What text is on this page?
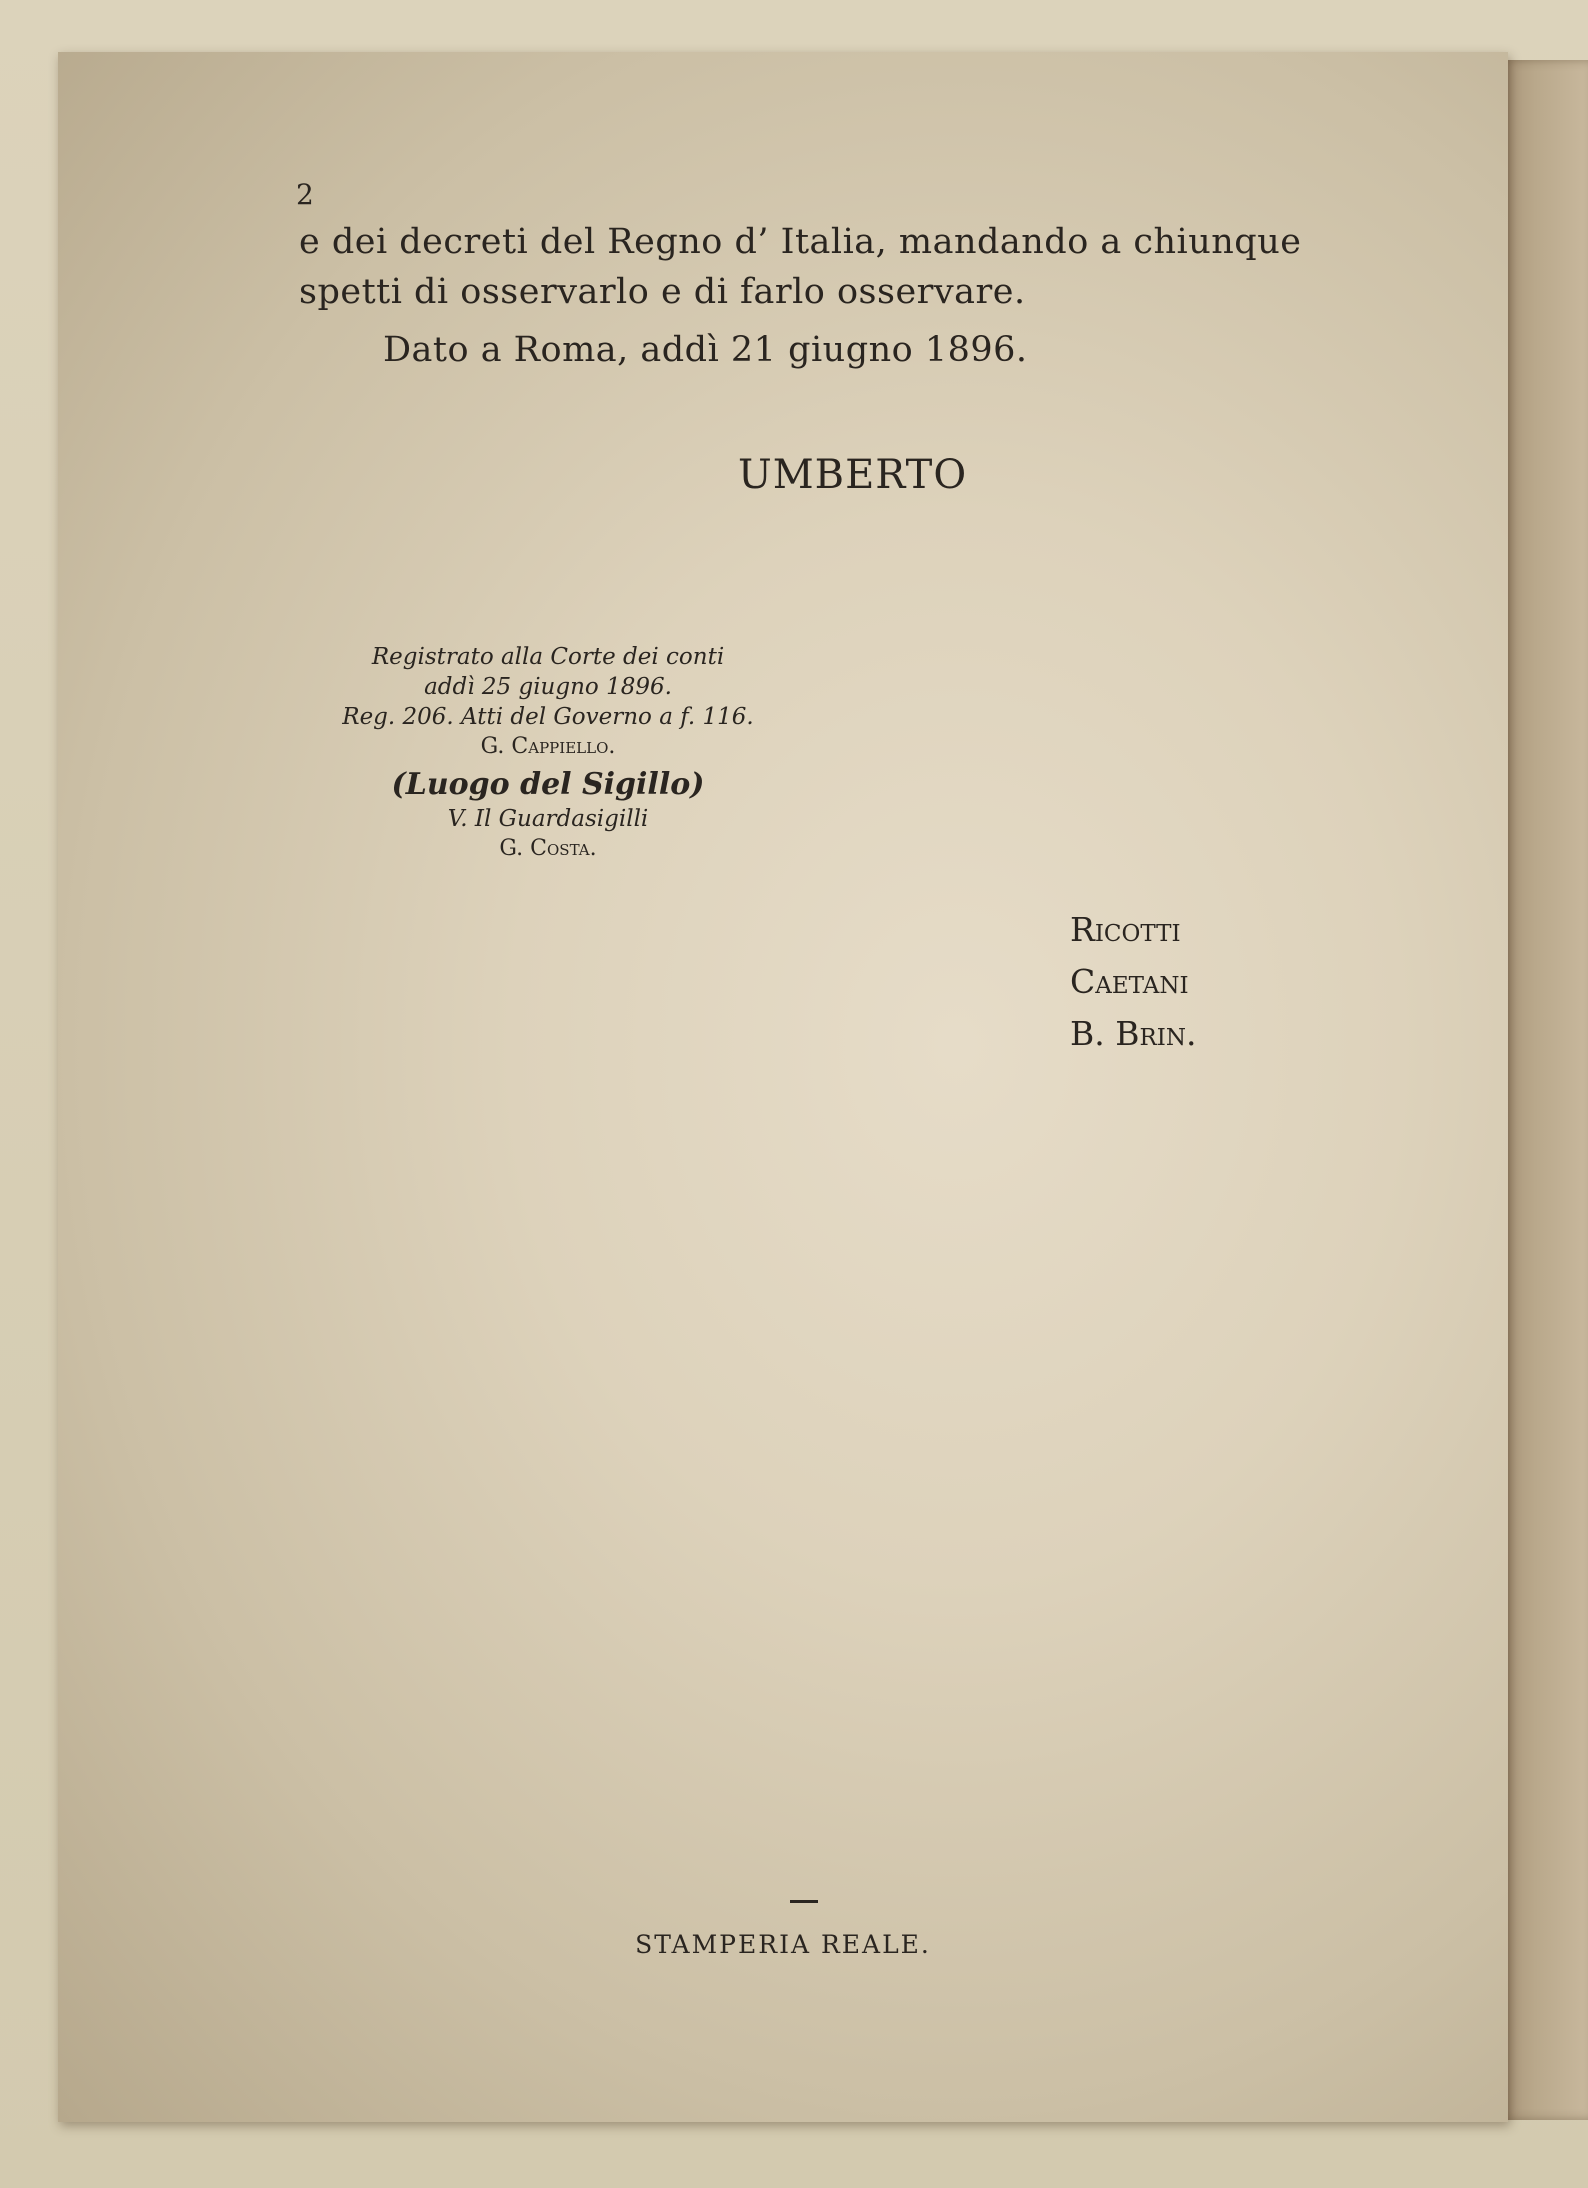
2
e dei decreti del Regno d’ Italia, mandando a chiunque
spetti di osservarlo e di farlo osservare.
Dato a Roma, addì 21 giugno 1896.
UMBERTO
Registrato alla Corte dei conti
addì 25 giugno 1896.
Reg. 206. Atti del Governo a f. 116.
G. Cappiello.
(Luogo del Sigillo)
V. Il Guardasigilli
G. Costa.
Ricotti
Caetani
B. Brin.
STAMPERIA REALE.
